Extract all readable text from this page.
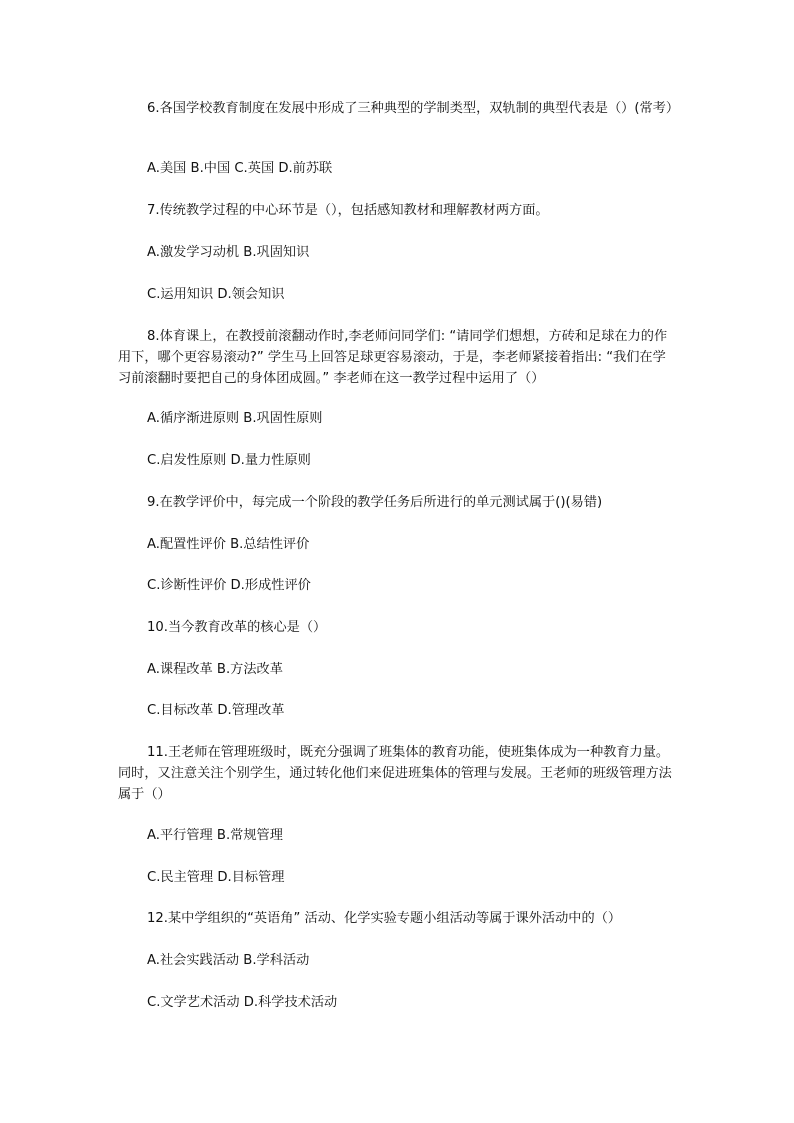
6.各国学校教育制度在发展中形成了三种典型的学制类型，双轨制的典型代表是（）(常考）

A.美国 B.中国 C.英国 D.前苏联

7.传统教学过程的中心环节是（），包括感知教材和理解教材两方面。

A.激发学习动机 B.巩固知识

C.运用知识 D.领会知识

8.体育课上，在教授前滚翻动作时,李老师问同学们: “请同学们想想，方砖和足球在力的作用下，哪个更容易滚动?” 学生马上回答足球更容易滚动，于是，李老师紧接着指出: “我们在学习前滚翻时要把自己的身体团成圆。” 李老师在这一教学过程中运用了（）

A.循序渐进原则 B.巩固性原则

C.启发性原则 D.量力性原则

9.在教学评价中，每完成一个阶段的教学任务后所进行的单元测试属于()(易错)

A.配置性评价 B.总结性评价

C.诊断性评价 D.形成性评价

10.当今教育改革的核心是（）

A.课程改革 B.方法改革

C.目标改革 D.管理改革

11.王老师在管理班级时，既充分强调了班集体的教育功能，使班集体成为一种教育力量。同时，又注意关注个别学生，通过转化他们来促进班集体的管理与发展。王老师的班级管理方法属于（）

A.平行管理 B.常规管理

C.民主管理 D.目标管理

12.某中学组织的“英语角” 活动、化学实验专题小组活动等属于课外活动中的（）

A.社会实践活动 B.学科活动

C.文学艺术活动 D.科学技术活动
